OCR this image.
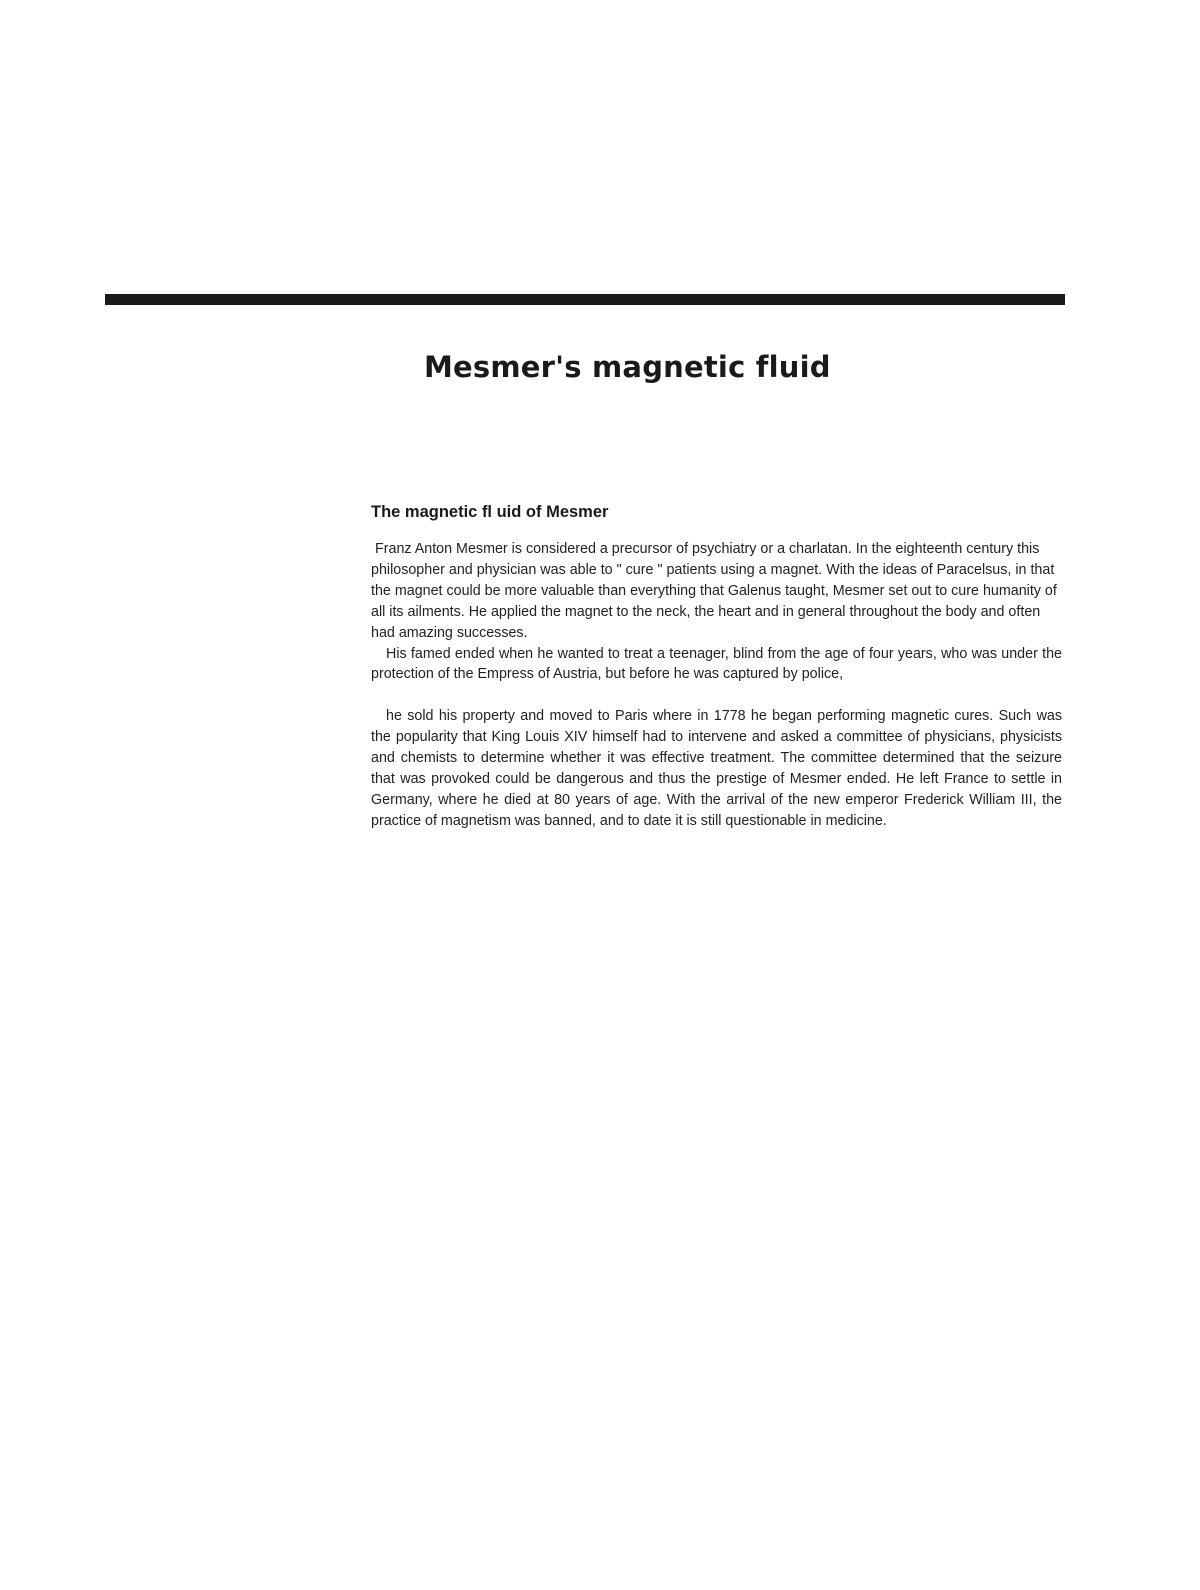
Mesmer's magnetic fluid
The magnetic fl uid of Mesmer

Franz Anton Mesmer is considered a precursor of psychiatry or a charlatan. In the eighteenth century this philosopher and physician was able to " cure " patients using a magnet. With the ideas of Paracelsus, in that the magnet could be more valuable than everything that Galenus taught, Mesmer set out to cure humanity of all its ailments. He applied the magnet to the neck, the heart and in general throughout the body and often had amazing successes.

His famed ended when he wanted to treat a teenager, blind from the age of four years, who was under the protection of the Empress of Austria, but before he was captured by police,

he sold his property and moved to Paris where in 1778 he began performing magnetic cures. Such was the popularity that King Louis XIV himself had to intervene and asked a committee of physicians, physicists and chemists to determine whether it was effective treatment. The committee determined that the seizure that was provoked could be dangerous and thus the prestige of Mesmer ended. He left France to settle in Germany, where he died at 80 years of age. With the arrival of the new emperor Frederick William III, the practice of magnetism was banned, and to date it is still questionable in medicine.
